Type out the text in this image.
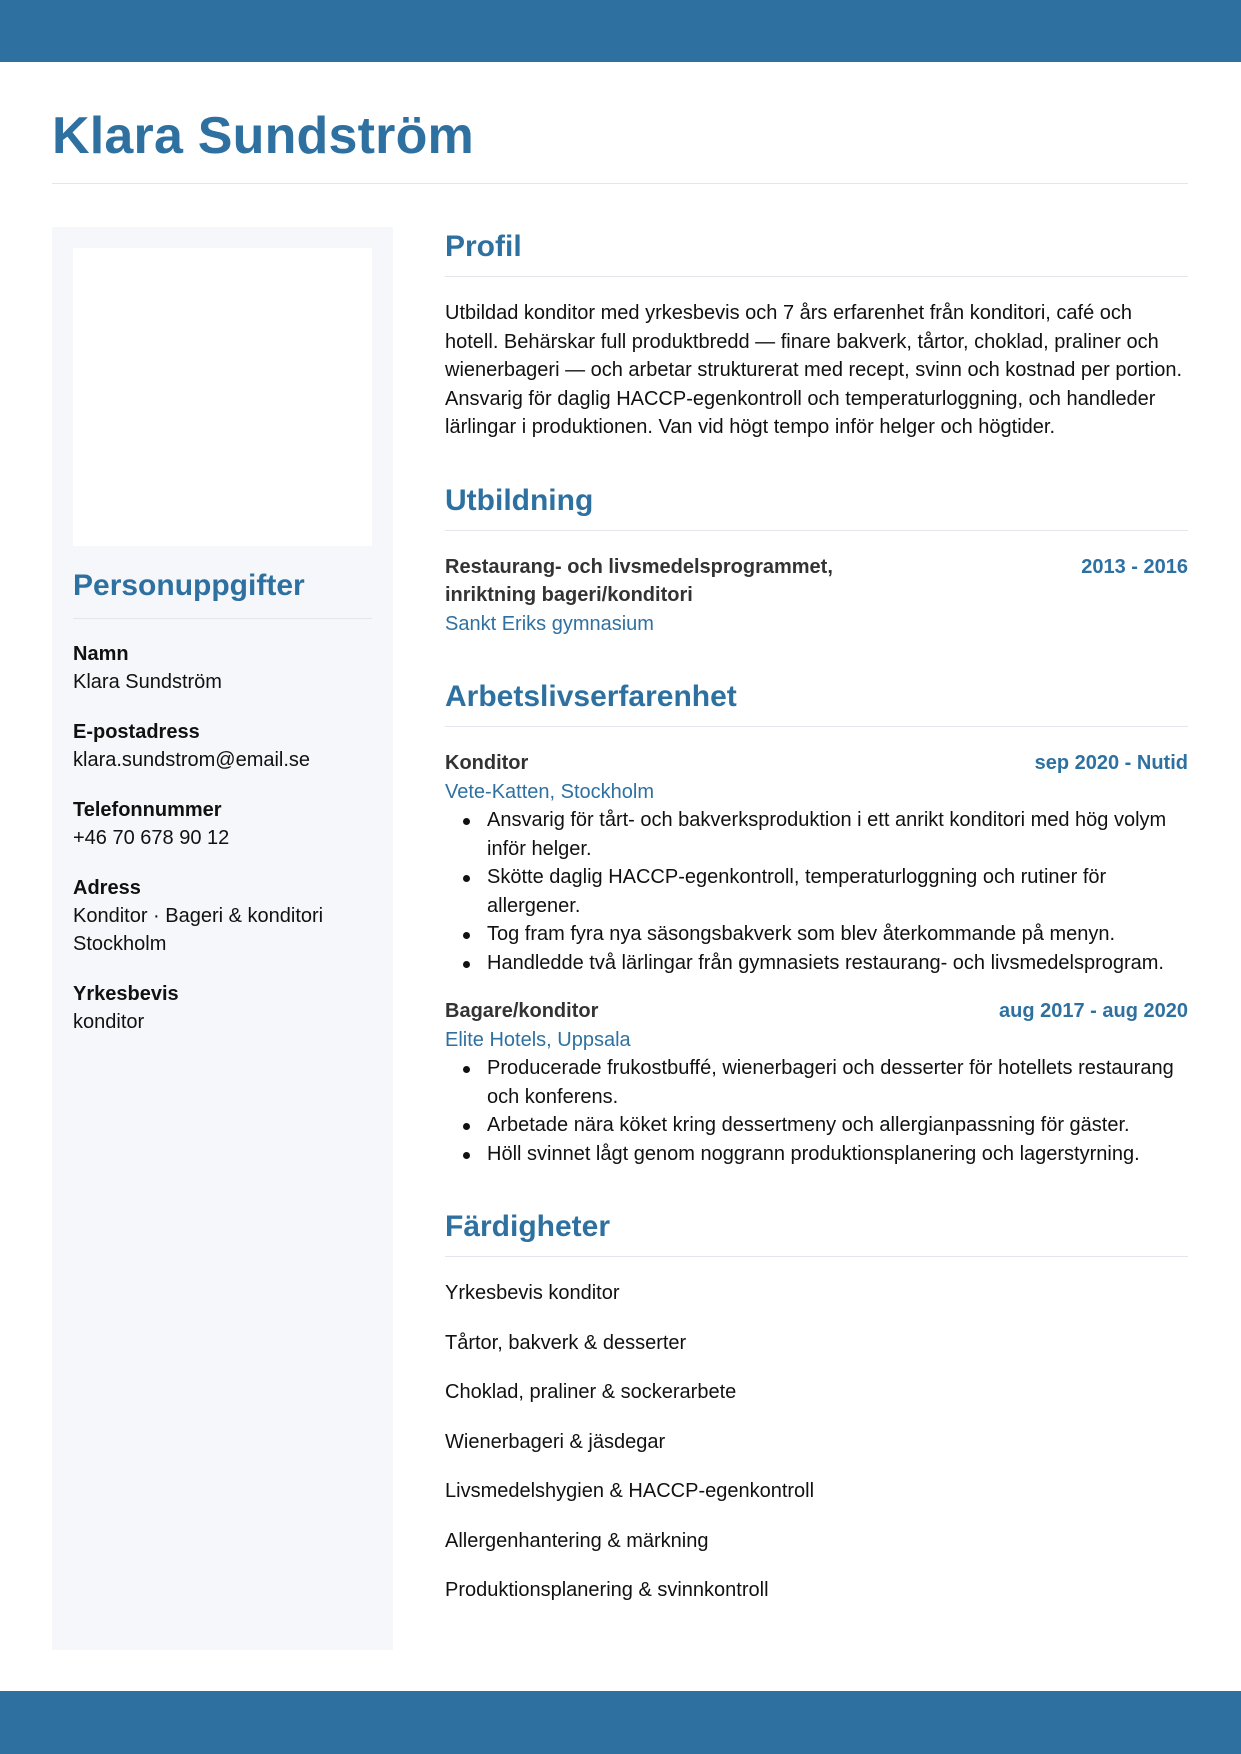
Klara Sundström
Personuppgifter
Namn
Klara Sundström
E-postadress
klara.sundstrom@email.se
Telefonnummer
+46 70 678 90 12
Adress
Konditor · Bageri & konditori
Stockholm
Yrkesbevis
konditor
Profil

Utbildad konditor med yrkesbevis och 7 års erfarenhet från konditori, café och hotell. Behärskar full produktbredd — finare bakverk, tårtor, choklad, praliner och wienerbageri — och arbetar strukturerat med recept, svinn och kostnad per portion. Ansvarig för daglig HACCP-egenkontroll och temperaturloggning, och handleder lärlingar i produktionen. Van vid högt tempo inför helger och högtider.

Utbildning
Restaurang- och livsmedelsprogrammet, inriktning bageri/konditori
2013 - 2016
Sankt Eriks gymnasium
Arbetslivserfarenhet
Konditor	sep 2020 - Nutid
Vete-Katten, Stockholm
Ansvarig för tårt- och bakverksproduktion i ett anrikt konditori med hög volym inför helger.
Skötte daglig HACCP-egenkontroll, temperaturloggning och rutiner för allergener.
Tog fram fyra nya säsongsbakverk som blev återkommande på menyn.
Handledde två lärlingar från gymnasiets restaurang- och livsmedelsprogram.
Bagare/konditor	aug 2017 - aug 2020
Elite Hotels, Uppsala
Producerade frukostbuffé, wienerbageri och desserter för hotellets restaurang och konferens.
Arbetade nära köket kring dessertmeny och allergianpassning för gäster.
Höll svinnet lågt genom noggrann produktionsplanering och lagerstyrning.
Färdigheter
Yrkesbevis konditor
Tårtor, bakverk & desserter
Choklad, praliner & sockerarbete
Wienerbageri & jäsdegar
Livsmedelshygien & HACCP-egenkontroll
Allergenhantering & märkning
Produktionsplanering & svinnkontroll
